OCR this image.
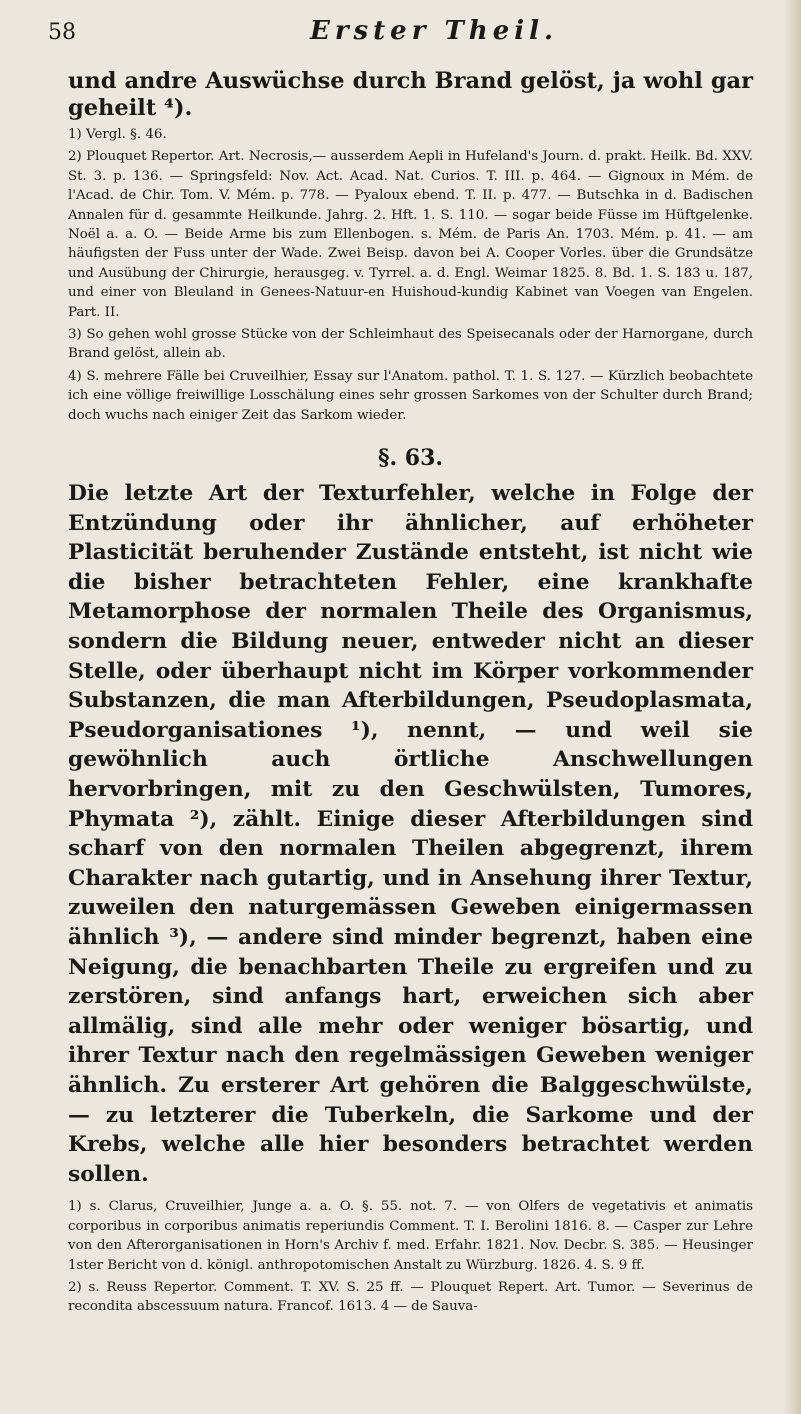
58	Erster Theil.

und andre Auswüchse durch Brand gelöst, ja wohl gar geheilt ⁴).

1) Vergl. §. 46.

2) Plouquet Repertor. Art. Necrosis,— ausserdem Aepli in Hufeland's Journ. d. prakt. Heilk. Bd. XXV. St. 3. p. 136. — Springsfeld: Nov. Act. Acad. Nat. Curios. T. III. p. 464. — Gignoux in Mém. de l'Acad. de Chir. Tom. V. Mém. p. 778. — Pyaloux ebend. T. II. p. 477. — Butschka in d. Badischen Annalen für d. gesammte Heilkunde. Jahrg. 2. Hft. 1. S. 110. — sogar beide Füsse im Hüftgelenke. Noël a. a. O. — Beide Arme bis zum Ellenbogen. s. Mém. de Paris An. 1703. Mém. p. 41. — am häufigsten der Fuss unter der Wade. Zwei Beisp. davon bei A. Cooper Vorles. über die Grundsätze und Ausübung der Chirurgie, herausgeg. v. Tyrrel. a. d. Engl. Weimar 1825. 8. Bd. 1. S. 183 u. 187, und einer von Bleuland in Genees-Natuur-en Huishoud-kundig Kabinet van Voegen van Engelen. Part. II.

3) So gehen wohl grosse Stücke von der Schleimhaut des Speisecanals oder der Harnorgane, durch Brand gelöst, allein ab.

4) S. mehrere Fälle bei Cruveilhier, Essay sur l'Anatom. pathol. T. 1. S. 127. — Kürzlich beobachtete ich eine völlige freiwillige Losschälung eines sehr grossen Sarkomes von der Schulter durch Brand; doch wuchs nach einiger Zeit das Sarkom wieder.

§. 63.

Die letzte Art der Texturfehler, welche in Folge der Entzündung oder ihr ähnlicher, auf erhöheter Plasticität beruhender Zustände entsteht, ist nicht wie die bisher betrachteten Fehler, eine krankhafte Metamorphose der normalen Theile des Organismus, sondern die Bildung neuer, entweder nicht an dieser Stelle, oder überhaupt nicht im Körper vorkommender Substanzen, die man Afterbildungen, Pseudoplasmata, Pseudorganisationes ¹), nennt, — und weil sie gewöhnlich auch örtliche Anschwellungen hervorbringen, mit zu den Geschwülsten, Tumores, Phymata ²), zählt. Einige dieser Afterbildungen sind scharf von den normalen Theilen abgegrenzt, ihrem Charakter nach gutartig, und in Ansehung ihrer Textur, zuweilen den naturgemässen Geweben einigermassen ähnlich ³), — andere sind minder begrenzt, haben eine Neigung, die benachbarten Theile zu ergreifen und zu zerstören, sind anfangs hart, erweichen sich aber allmälig, sind alle mehr oder weniger bösartig, und ihrer Textur nach den regelmässigen Geweben weniger ähnlich. Zu ersterer Art gehören die Balggeschwülste, — zu letzterer die Tuberkeln, die Sarkome und der Krebs, welche alle hier besonders betrachtet werden sollen.

1) s. Clarus, Cruveilhier, Junge a. a. O. §. 55. not. 7. — von Olfers de vegetativis et animatis corporibus in corporibus animatis reperiundis Comment. T. I. Berolini 1816. 8. — Casper zur Lehre von den Afterorganisationen in Horn's Archiv f. med. Erfahr. 1821. Nov. Decbr. S. 385. — Heusinger 1ster Bericht von d. königl. anthropotomischen Anstalt zu Würzburg. 1826. 4. S. 9 ff.

2) s. Reuss Repertor. Comment. T. XV. S. 25 ff. — Plouquet Repert. Art. Tumor. — Severinus de recondita abscessuum natura. Francof. 1613. 4 — de Sauva-
